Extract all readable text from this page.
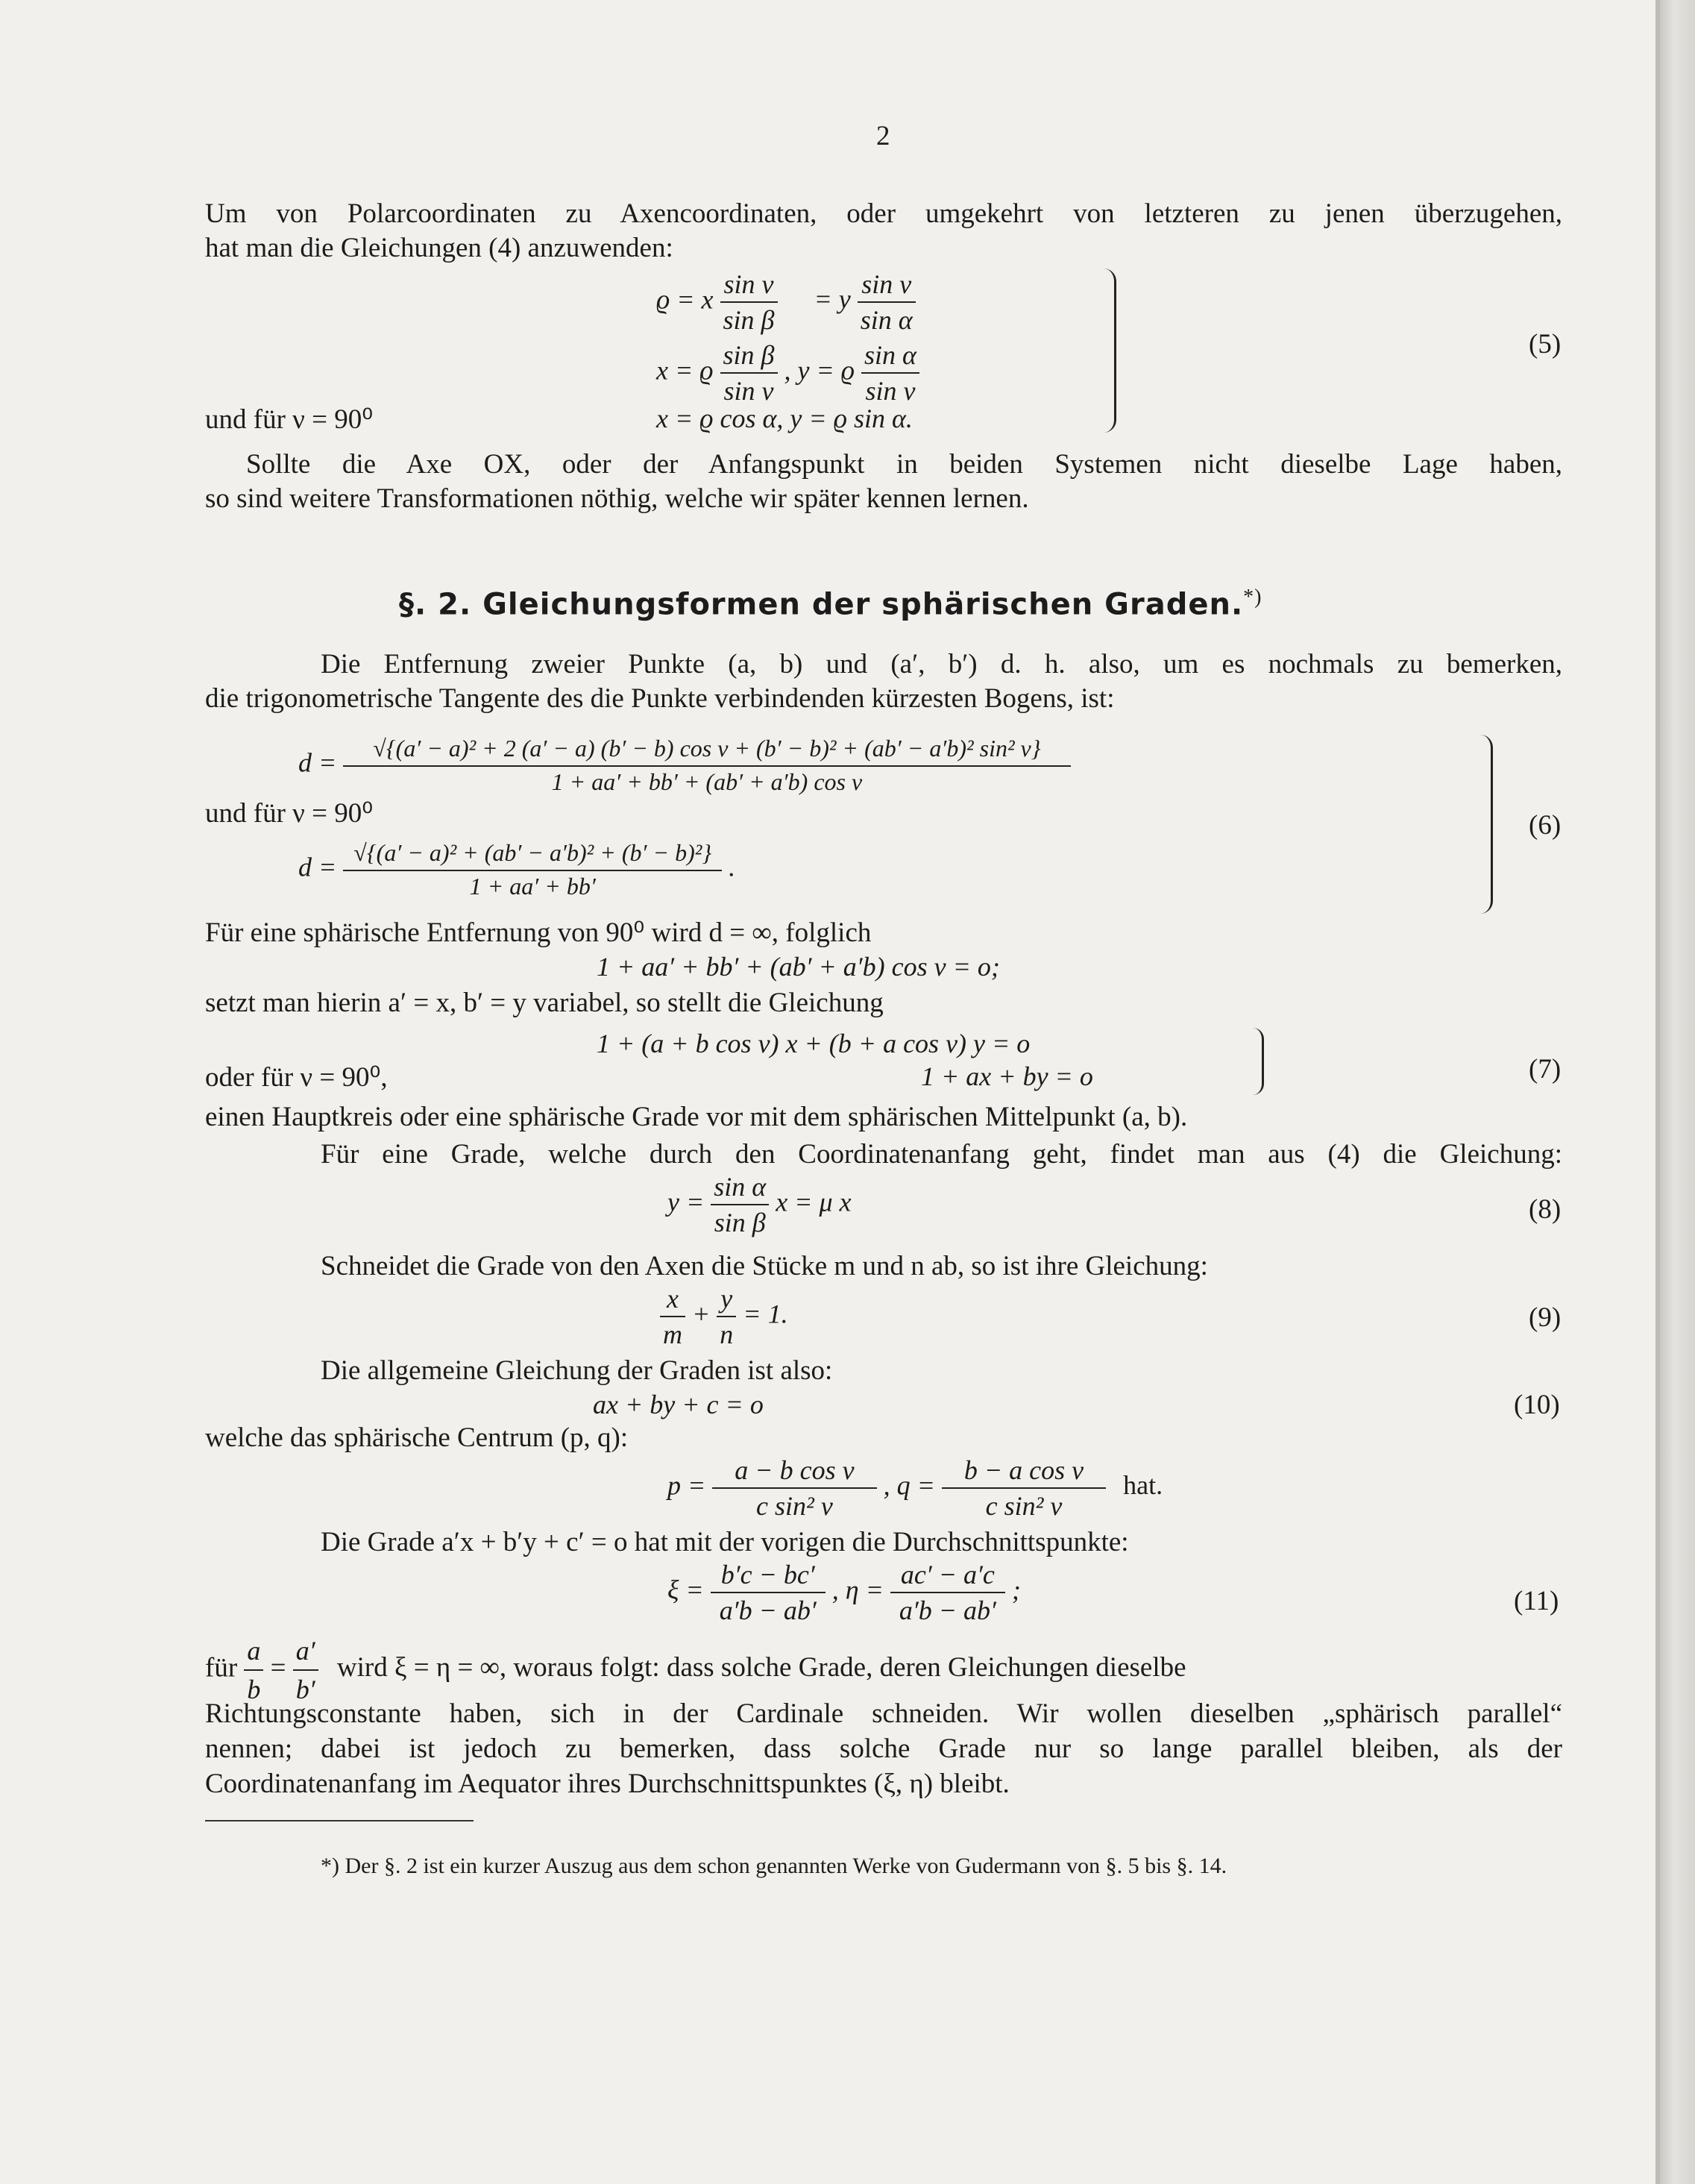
2
Um von Polarcoordinaten zu Axencoordinaten, oder umgekehrt von letzteren zu jenen überzugehen,
hat man die Gleichungen (4) anzuwenden:
ϱ = x $\frac{\text{sin ν}}{\text{sin β}} = y \frac{\text{sin ν}}{\text{sin α}}$
x = ϱ $\frac{\text{sin β}}{\text{sin ν}}$ , y = ϱ $\frac{\text{sin α}}{\text{sin ν}}$
und für ν = 90⁰	x = ϱ cos α, y = ϱ sin α.
(5)
Sollte die Axe OX, oder der Anfangspunkt in beiden Systemen nicht dieselbe Lage haben,
so sind weitere Transformationen nöthig, welche wir später kennen lernen.
§. 2. Gleichungsformen der sphärischen Graden.*)
Die Entfernung zweier Punkte (a, b) und (a′, b′) d. h. also, um es nochmals zu bemerken,
die trigonometrische Tangente des die Punkte verbindenden kürzesten Bogens, ist:
d =	√{(a′ − a)² + 2 (a′ − a) (b′ − b) cos ν + (b′ − b)² + (ab′ − a′b)² sin² ν}
1 + aa′ + bb′ + (ab′ + a′b) cos ν
und für ν = 90⁰
$d = \frac{\text{√\{(a′ − a)² + (ab′ − a′b)² + (b′ − b)²\}}}{1 + aa' + bb'}$ .
(6)
Für eine sphärische Entfernung von 90⁰ wird d = ∞, folglich
1 + aa′ + bb′ + (ab′ + a′b) cos ν = o;
setzt man hierin a′ = x, b′ = y variabel, so stellt die Gleichung
1 + (a + b cos ν) x + (b + a cos ν) y = o
oder für ν = 90⁰,	1 + ax + by = o	(7)
einen Hauptkreis oder eine sphärische Grade vor mit dem sphärischen Mittelpunkt (a, b).
Für eine Grade, welche durch den Coordinatenanfang geht, findet man aus (4) die Gleichung:
$y = \frac{\text{sin α}}{\text{sin β}}$ x = μ x	(8)
Schneidet die Grade von den Axen die Stücke m und n ab, so ist ihre Gleichung:
$\frac{x}{m} + \frac{y}{n} = 1$.	(9)
Die allgemeine Gleichung der Graden ist also:
ax + by + c = o	(10)
welche das sphärische Centrum (p, q):
$p = \frac{\text{a − b cos ν}}{\text{c sin² ν}}$ , $q = \frac{\text{b − a cos ν}}{\text{c sin² ν}}$ hat.
Die Grade a′x + b′y + c′ = o hat mit der vorigen die Durchschnittspunkte:
$\xi = \frac{b'c - bc'}{a'b - ab'}$ , $\eta = \frac{ac' - a'c}{a'b - ab'}$ ;	(11)
für $\frac{a}{b} = \frac{a'}{b'}$ wird ξ = η = ∞, woraus folgt: dass solche Grade, deren Gleichungen dieselbe
Richtungsconstante haben, sich in der Cardinale schneiden. Wir wollen dieselben „sphärisch parallel“
nennen; dabei ist jedoch zu bemerken, dass solche Grade nur so lange parallel bleiben, als der
Coordinatenanfang im Aequator ihres Durchschnittspunktes (ξ, η) bleibt.
*) Der §. 2 ist ein kurzer Auszug aus dem schon genannten Werke von Gudermann von §. 5 bis §. 14.
